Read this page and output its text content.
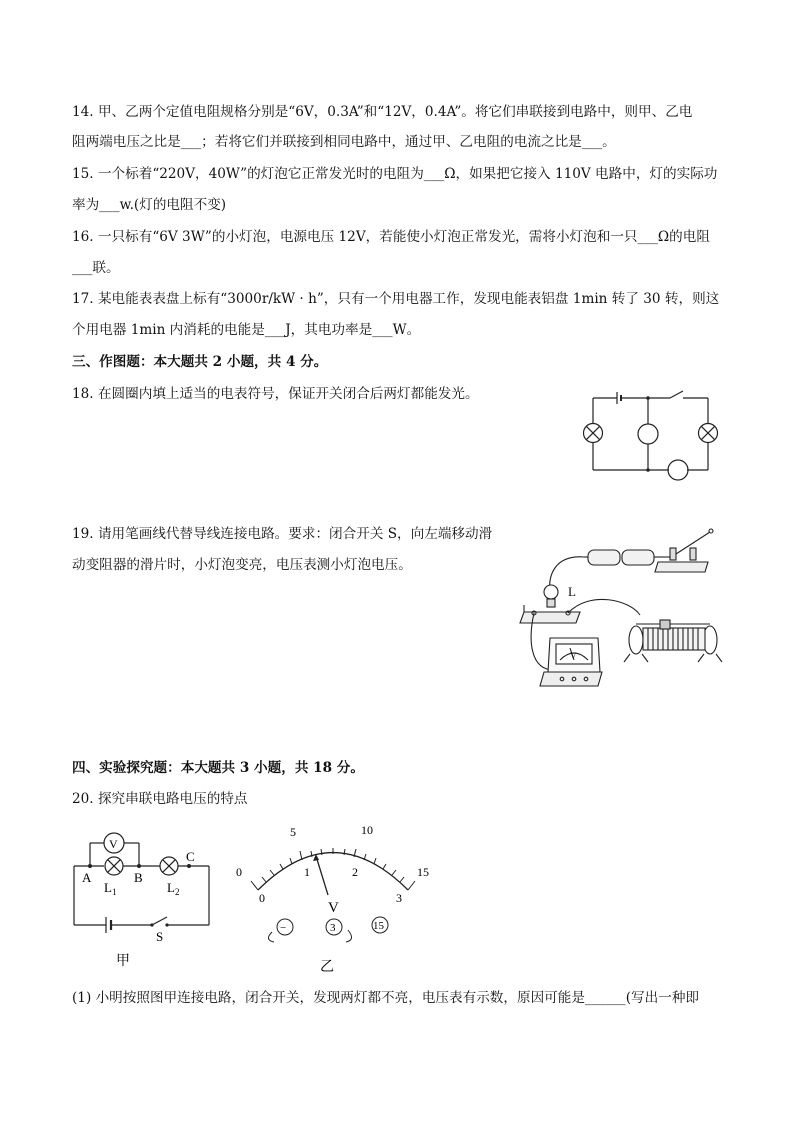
14. 甲、乙两个定值电阻规格分别是“6V，0.3A”和“12V，0.4A”。将它们串联接到电路中，则甲、乙电
阻两端电压之比是___；若将它们并联接到相同电路中，通过甲、乙电阻的电流之比是___。
15. 一个标着“220V，40W”的灯泡它正常发光时的电阻为___Ω，如果把它接入 110V 电路中，灯的实际功
率为___w.(灯的电阻不变)
16. 一只标有“6V 3W”的小灯泡，电源电压 12V，若能使小灯泡正常发光，需将小灯泡和一只___Ω的电阻
___联。
17. 某电能表表盘上标有“3000r/kW · h”，只有一个用电器工作，发现电能表铝盘 1min 转了 30 转，则这
个用电器 1min 内消耗的电能是___J，其电功率是___W。
三、作图题：本大题共 2 小题，共 4 分。
18. 在圆圈内填上适当的电表符号，保证开关闭合后两灯都能发光。
19. 请用笔画线代替导线连接电路。要求：闭合开关 S，向左端移动滑
动变阻器的滑片时，小灯泡变亮，电压表测小灯泡电压。
L
V
四、实验探究题：本大题共 3 小题，共 18 分。
20. 探究串联电路电压的特点
V
A	B
C
$L_1$	$L_2$
S
甲
0
5	10
15
0
1	2
3
V
−	3	15
乙
(1) 小明按照图甲连接电路，闭合开关，发现两灯都不亮，电压表有示数，原因可能是______(写出一种即
